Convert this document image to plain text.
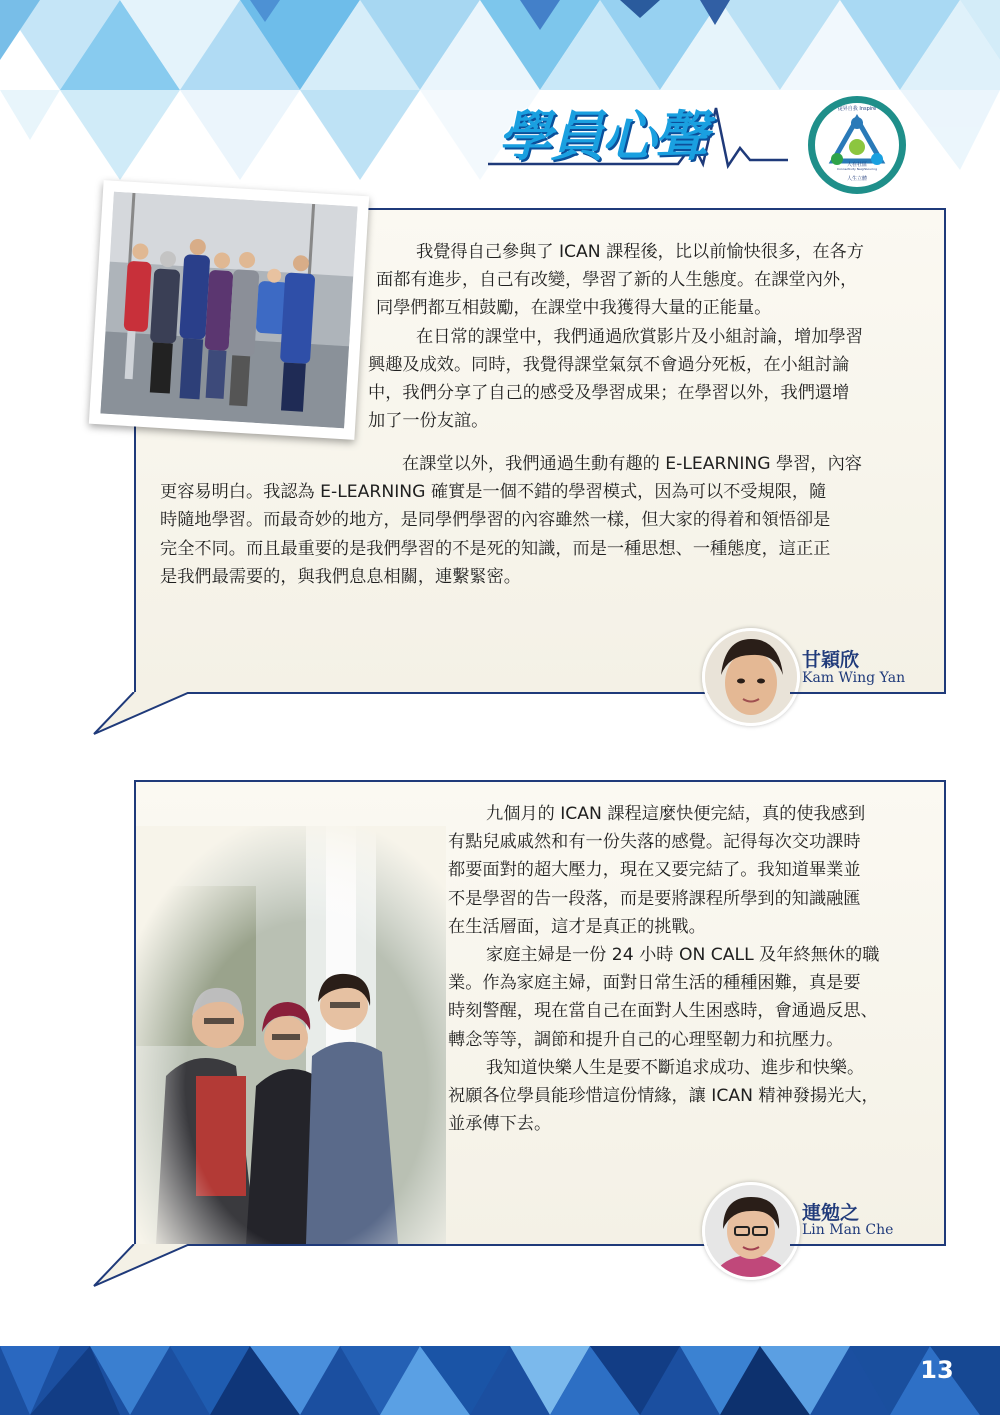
學員心聲	提昇自我 Inspire
人在社區
Connectivity Neighbouring
人生立體
我覺得自己參與了 ICAN 課程後，比以前愉快很多，在各方
面都有進步，自己有改變，學習了新的人生態度。在課堂內外，
同學們都互相鼓勵，在課堂中我獲得大量的正能量。
在日常的課堂中，我們通過欣賞影片及小組討論，增加學習
興趣及成效。同時，我覺得課堂氣氛不會過分死板，在小組討論
中，我們分享了自己的感受及學習成果；在學習以外，我們還增
加了一份友誼。
在課堂以外，我們通過生動有趣的 E-LEARNING 學習，內容
更容易明白。我認為 E-LEARNING 確實是一個不錯的學習模式，因為可以不受規限，隨
時隨地學習。而最奇妙的地方，是同學們學習的內容雖然一樣，但大家的得着和領悟卻是
完全不同。而且最重要的是我們學習的不是死的知識，而是一種思想、一種態度，這正正
是我們最需要的，與我們息息相關，連繫緊密。
甘穎欣
Kam Wing Yan
九個月的 ICAN 課程這麼快便完結，真的使我感到
有點兒戚戚然和有一份失落的感覺。記得每次交功課時
都要面對的超大壓力，現在又要完結了。我知道畢業並
不是學習的告一段落，而是要將課程所學到的知識融匯
在生活層面，這才是真正的挑戰。
家庭主婦是一份 24 小時 ON CALL 及年終無休的職
業。作為家庭主婦，面對日常生活的種種困難，真是要
時刻警醒，現在當自己在面對人生困惑時，會通過反思、
轉念等等，調節和提升自己的心理堅韌力和抗壓力。
我知道快樂人生是要不斷追求成功、進步和快樂。
祝願各位學員能珍惜這份情緣，讓 ICAN 精神發揚光大，
並承傳下去。
連勉之
Lin Man Che
13
